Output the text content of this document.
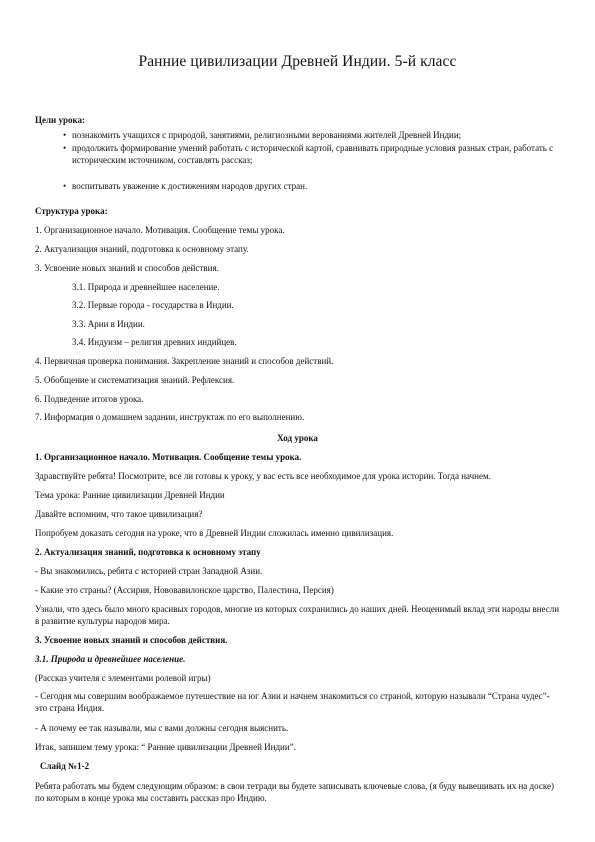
Ранние цивилизации Древней Индии. 5-й класс
Цели урока:
• познакомить учащихся с природой, занятиями, религиозными верованиями жителей Древней Индии;
• продолжить формирование умений работать с исторической картой, сравнивать природные условия разных стран, работать с историческим источником, составлять рассказ;
• воспитывать уважение к достижениям народов других стран.
Структура урока:
1. Организационное начало. Мотивация. Сообщение темы урока.
2. Актуализация знаний, подготовка к основному этапу.
3. Усвоение новых знаний и способов действия.
3.1. Природа и древнейшее население.
3.2. Первые города - государства в Индии.
3.3. Арии в Индии.
3.4. Индуизм – религия древних индийцев.
4. Первичная проверка понимания. Закрепление знаний и способов действий.
5. Обобщение и систематизация знаний. Рефлексия.
6. Подведение итогов урока.
7. Информация о домашнем задании, инструктаж по его выполнению.
Ход урока
1. Организационное начало. Мотивация. Сообщение темы урока.
Здравствуйте ребята! Посмотрите, все ли готовы к уроку, у вас есть все необходимое для урока истории. Тогда начнем.
Тема урока: Ранние цивилизации Древней Индии
Давайте вспомним, что такое цивилизация?
Попробуем доказать сегодня на уроке, что в Древней Индии сложилась именно цивилизация.
2. Актуализация знаний, подготовка к основному этапу
- Вы знакомились, ребята с историей стран Западной Азии.
- Какие это страны? (Ассирия, Нововавилонское царство, Палестина, Персия)
Узнали, что здесь было много красивых городов, многие из которых сохранились до наших дней. Неоценимый вклад эти народы внесли в развитие культуры народов мира.
3. Усвоение новых знаний и способов действия.
3.1. Природа и древнейшее население.
(Рассказ учителя с элементами ролевой игры)
- Сегодня мы совершим воображаемое путешествие на юг Азии и начнем знакомиться со страной, которую называли “Страна чудес”- это страна Индия.
- А почему ее так называли, мы с вами должны сегодня выяснить.
Итак, запишем тему урока: “ Ранние цивилизации Древней Индии”.
Слайд №1-2
Ребята работать мы будем следующим образом: в свои тетради вы будете записывать ключевые слова, (я буду вывешивать их на доске) по которым в конце урока мы составить рассказ про Индию.
